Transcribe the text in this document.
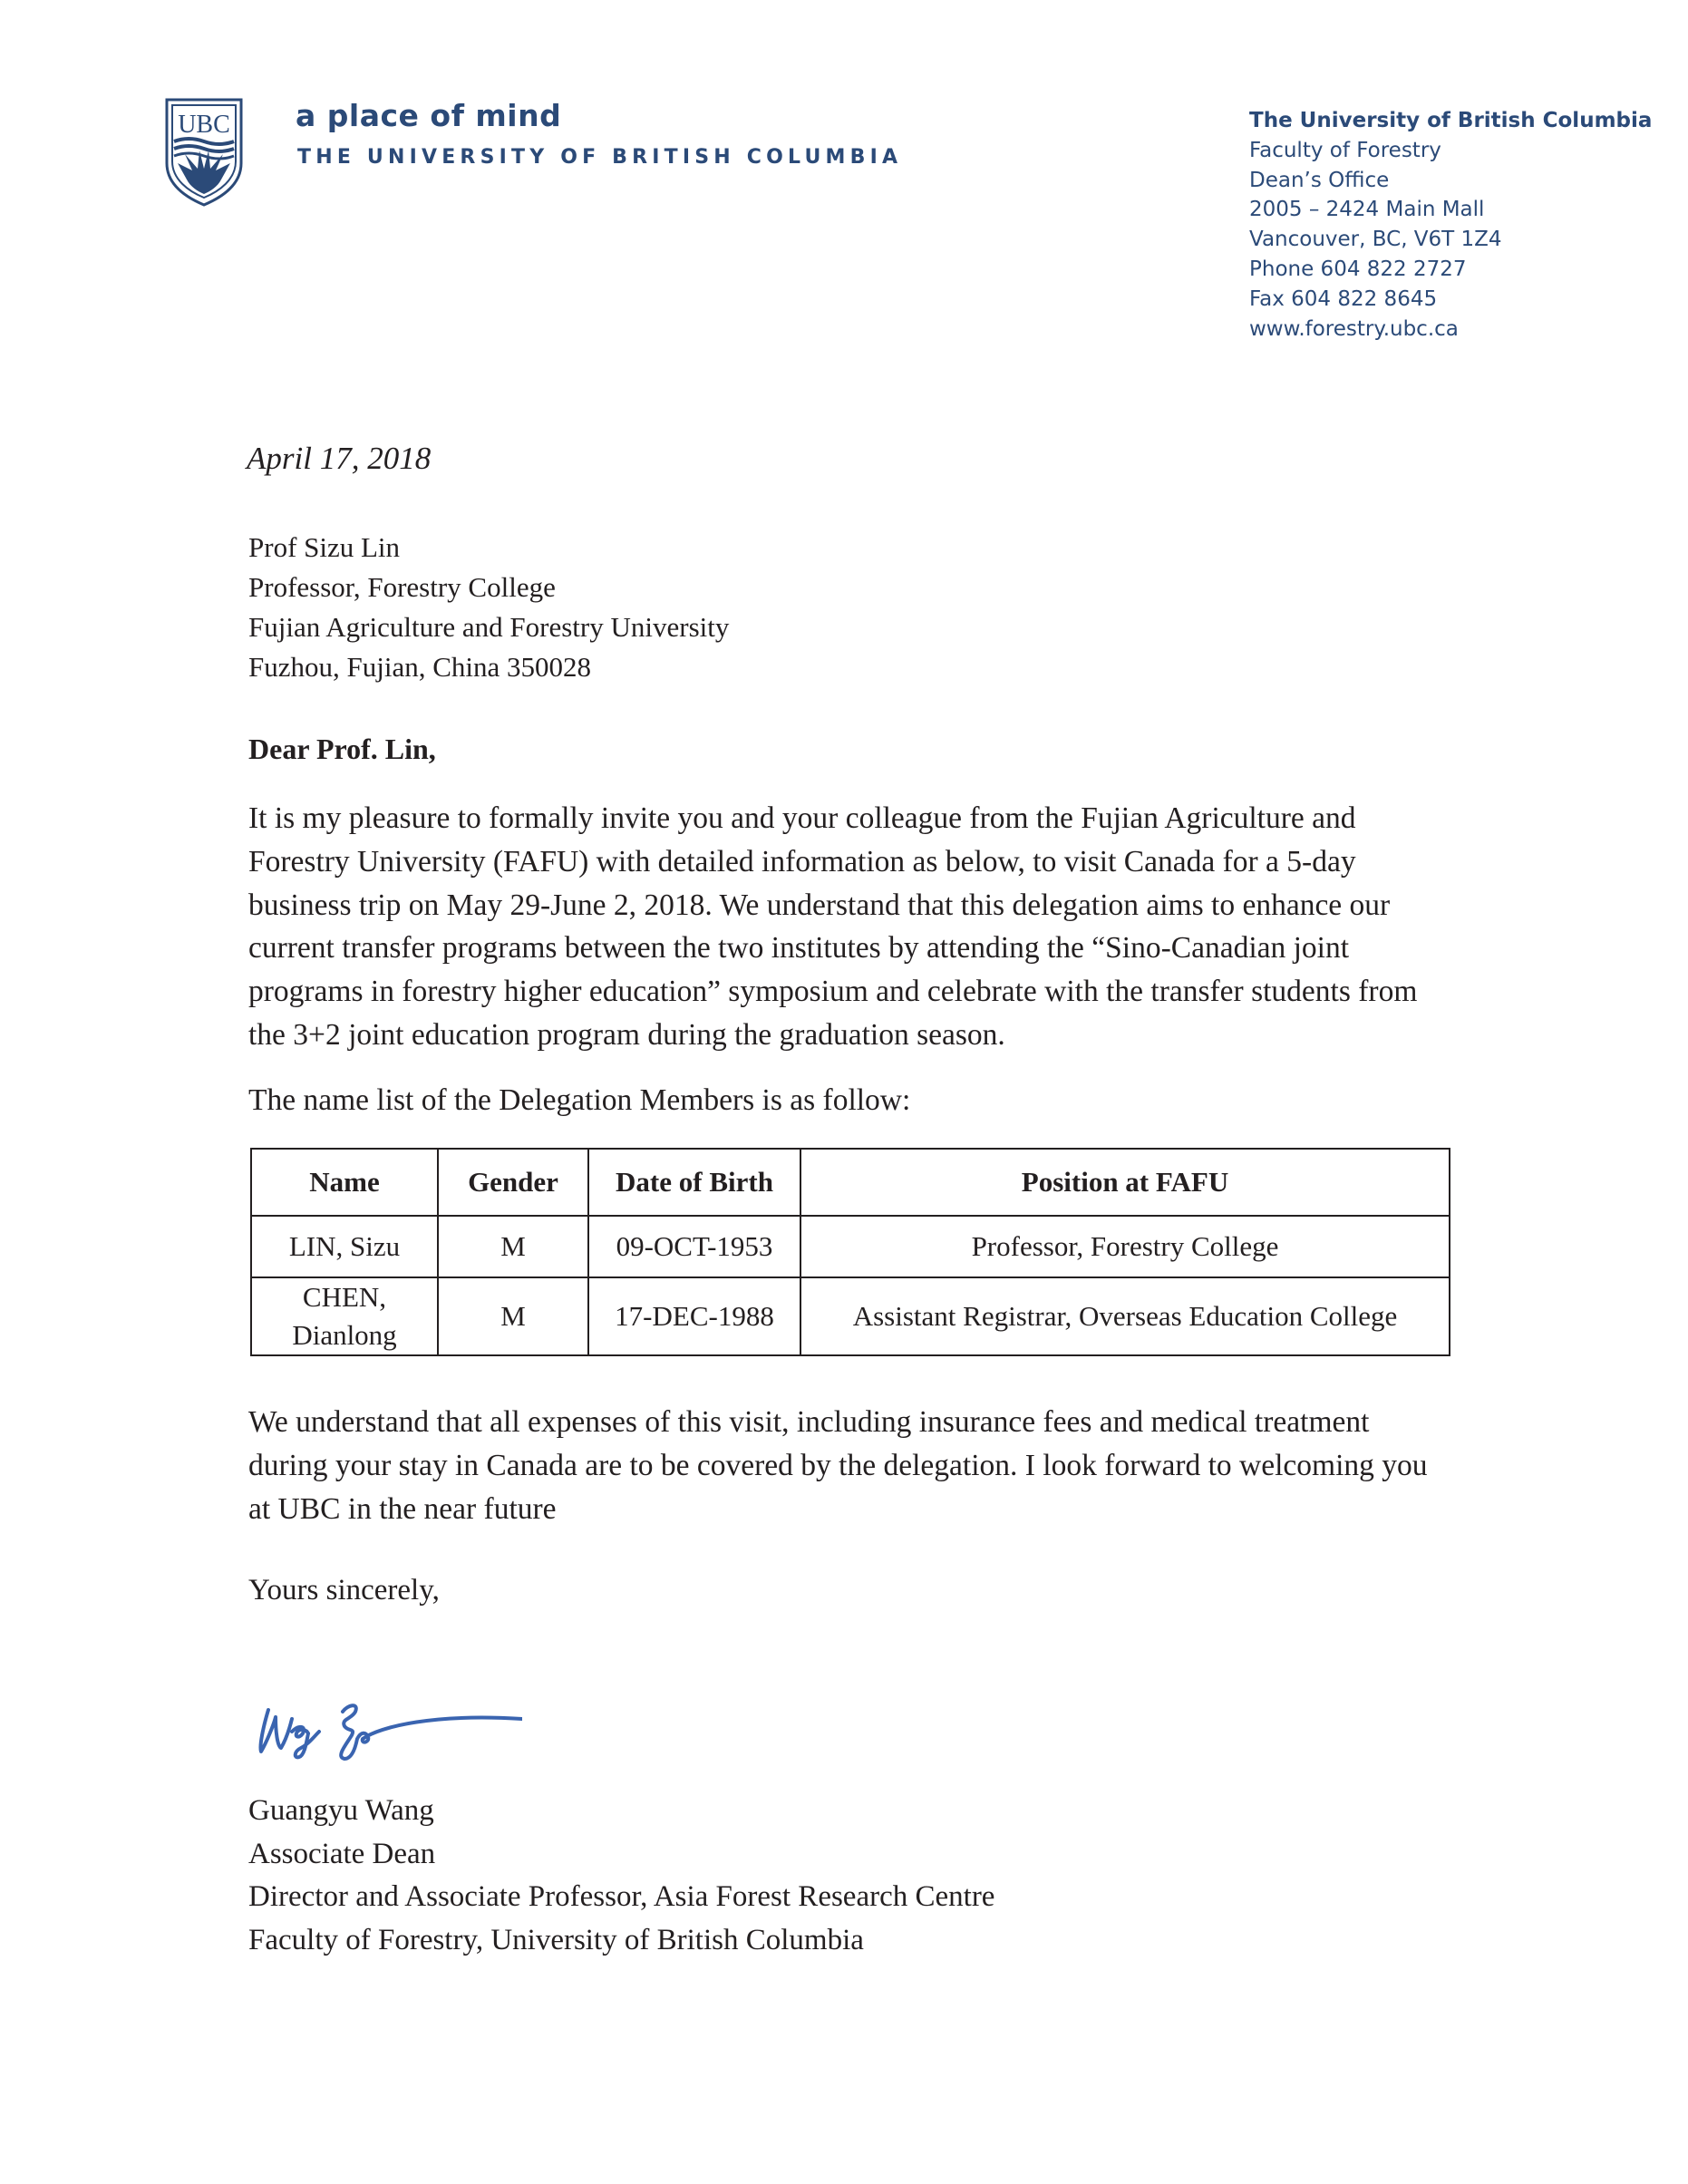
UBC a place of mind
THE UNIVERSITY OF BRITISH COLUMBIA
The University of British Columbia
Faculty of Forestry
Dean’s Office
2005 – 2424 Main Mall
Vancouver, BC, V6T 1Z4
Phone 604 822 2727
Fax 604 822 8645
www.forestry.ubc.ca
April 17, 2018
Prof Sizu Lin
Professor, Forestry College
Fujian Agriculture and Forestry University
Fuzhou, Fujian, China 350028
Dear Prof. Lin,
It is my pleasure to formally invite you and your colleague from the Fujian Agriculture and Forestry University (FAFU) with detailed information as below, to visit Canada for a 5-day business trip on May 29-June 2, 2018. We understand that this delegation aims to enhance our current transfer programs between the two institutes by attending the “Sino-Canadian joint programs in forestry higher education” symposium and celebrate with the transfer students from the 3+2 joint education program during the graduation season.
The name list of the Delegation Members is as follow:
Name	Gender	Date of Birth	Position at FAFU
LIN, Sizu	M	09-OCT-1953	Professor, Forestry College
CHEN, Dianlong	M	17-DEC-1988	Assistant Registrar, Overseas Education College
We understand that all expenses of this visit, including insurance fees and medical treatment during your stay in Canada are to be covered by the delegation. I look forward to welcoming you at UBC in the near future
Yours sincerely,
Guangyu Wang
Associate Dean
Director and Associate Professor, Asia Forest Research Centre
Faculty of Forestry, University of British Columbia
